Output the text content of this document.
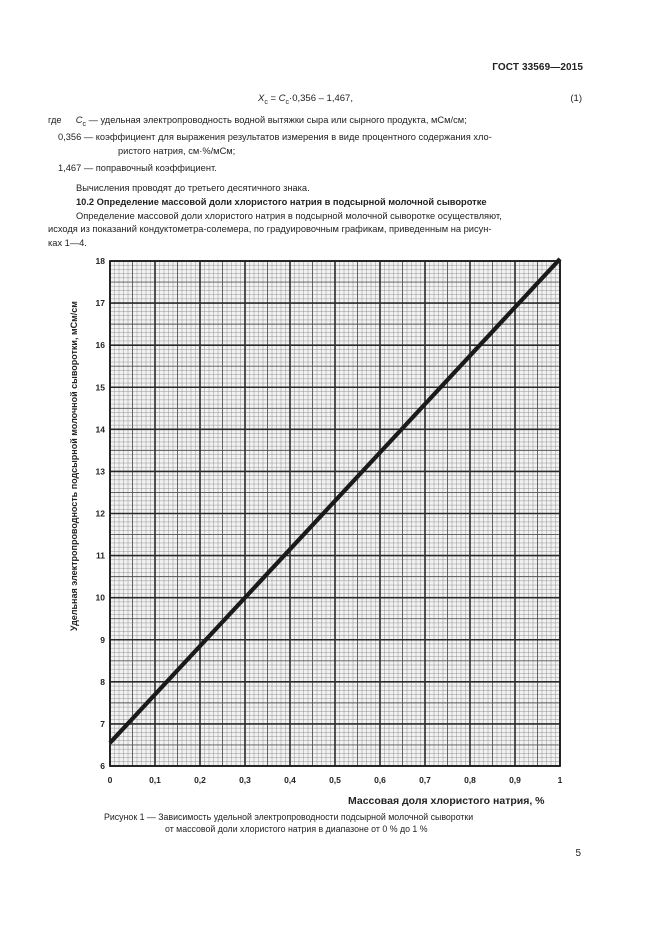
ГОСТ 33569—2015
$X_c = C_c\cdot 0,356 - 1,467$,	(1)
где $C_c$ — удельная электропроводность водной вытяжки сыра или сырного продукта, мСм/см;
0,356 — коэффициент для выражения результатов измерения в виде процентного содержания хло-
ристого натрия, см·%/мСм;
1,467 — поправочный коэффициент.
Вычисления проводят до третьего десятичного знака.
10.2 Определение массовой доли хлористого натрия в подсырной молочной сыворотке
Определение массовой доли хлористого натрия в подсырной молочной сыворотке осуществляют,
исходя из показаний кондуктометра-солемера, по градуировочным графикам, приведенным на рисун-
ках 1—4.
Удельная электропроводность подсырной молочной сыворотки, мСм/см
0	0,1	0,2	0,3	0,4	0,5	0,6	0,7	0,8	0,9	1
6
7
8
9
10
11
12
13
14
15
16
17
18
Массовая доля хлористого натрия, %
Рисунок 1 — Зависимость удельной электропроводности подсырной молочной сыворотки
от массовой доли хлористого натрия в диапазоне от 0 % до 1 %
5
